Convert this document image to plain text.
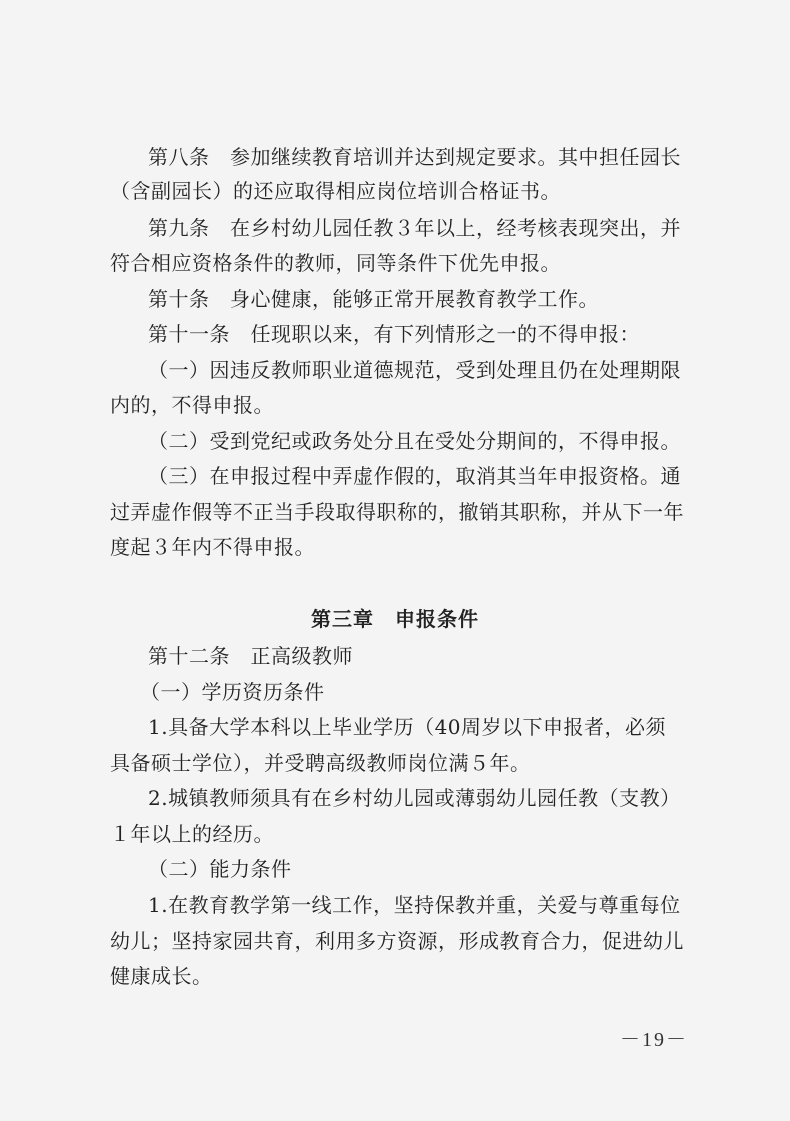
第八条　参加继续教育培训并达到规定要求。其中担任园长
（含副园长）的还应取得相应岗位培训合格证书。
第九条　在乡村幼儿园任教３年以上，经考核表现突出，并
符合相应资格条件的教师，同等条件下优先申报。
第十条　身心健康，能够正常开展教育教学工作。
第十一条　任现职以来，有下列情形之一的不得申报：
（一）因违反教师职业道德规范，受到处理且仍在处理期限
内的，不得申报。
（二）受到党纪或政务处分且在受处分期间的，不得申报。
（三）在申报过程中弄虚作假的，取消其当年申报资格。通
过弄虚作假等不正当手段取得职称的，撤销其职称，并从下一年
度起３年内不得申报。
第三章　申报条件
第十二条　正高级教师
（一）学历资历条件
1.具备大学本科以上毕业学历（40周岁以下申报者，必须
具备硕士学位），并受聘高级教师岗位满５年。
2.城镇教师须具有在乡村幼儿园或薄弱幼儿园任教（支教）
１年以上的经历。
（二）能力条件
1.在教育教学第一线工作，坚持保教并重，关爱与尊重每位
幼儿；坚持家园共育，利用多方资源，形成教育合力，促进幼儿
健康成长。
－19－
